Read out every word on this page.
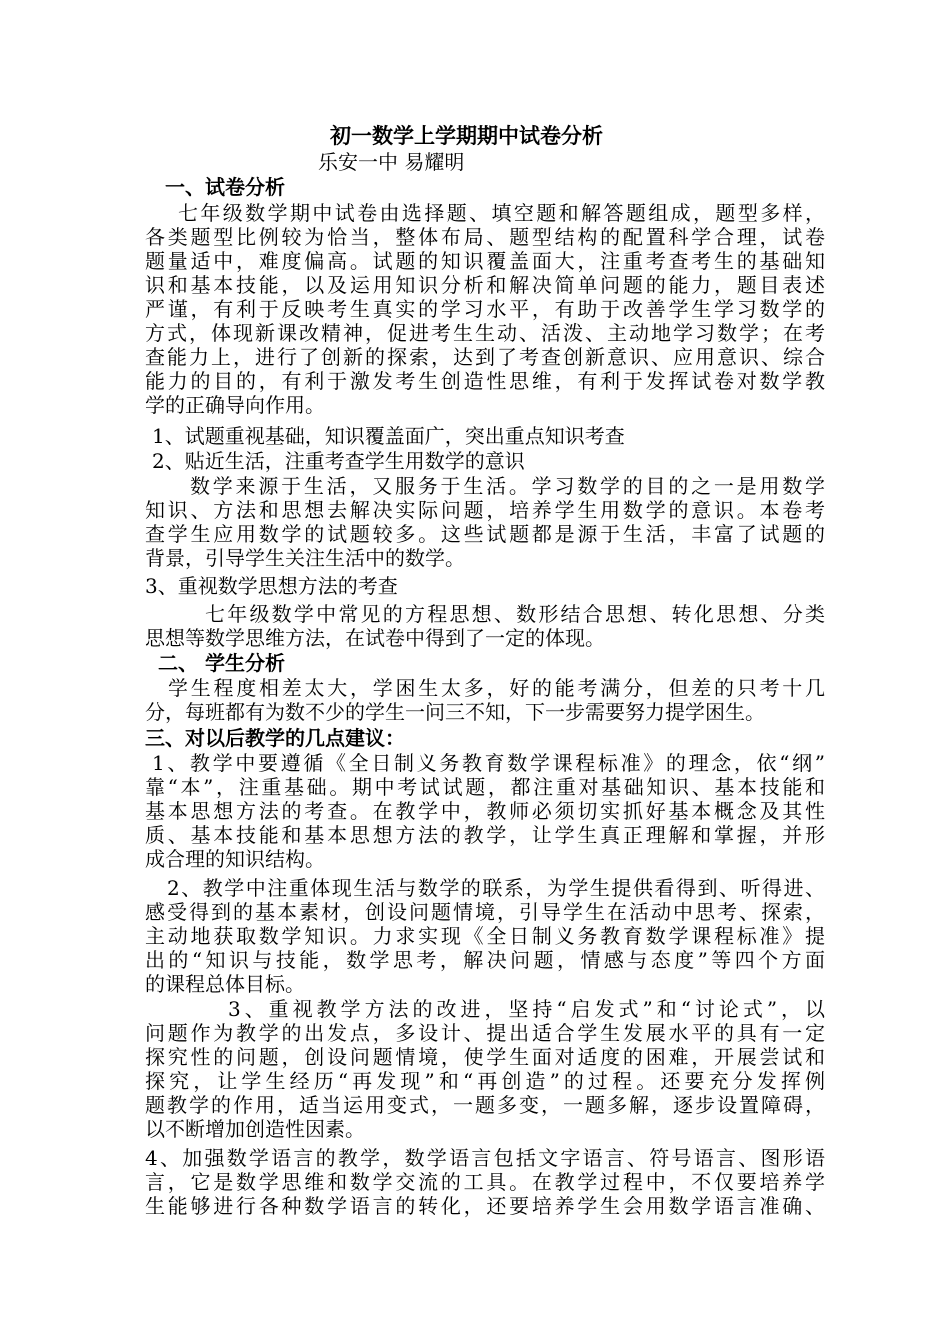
初一数学上学期期中试卷分析
乐安一中 易耀明
一、试卷分析
七年级数学期中试卷由选择题、填空题和解答题组成，题型多样，
各类题型比例较为恰当，整体布局、题型结构的配置科学合理，试卷
题量适中，难度偏高。试题的知识覆盖面大，注重考查考生的基础知
识和基本技能，以及运用知识分析和解决简单问题的能力，题目表述
严谨，有利于反映考生真实的学习水平，有助于改善学生学习数学的
方式，体现新课改精神，促进考生生动、活泼、主动地学习数学；在考
查能力上，进行了创新的探索，达到了考查创新意识、应用意识、综合
能力的目的，有利于激发考生创造性思维，有利于发挥试卷对数学教
学的正确导向作用。
1、试题重视基础，知识覆盖面广，突出重点知识考查
2、贴近生活，注重考查学生用数学的意识
数学来源于生活，又服务于生活。学习数学的目的之一是用数学
知识、方法和思想去解决实际问题，培养学生用数学的意识。本卷考
查学生应用数学的试题较多。这些试题都是源于生活，丰富了试题的
背景，引导学生关注生活中的数学。
3、重视数学思想方法的考查
七年级数学中常见的方程思想、数形结合思想、转化思想、分类
思想等数学思维方法，在试卷中得到了一定的体现。
二、 学生分析
学生程度相差太大，学困生太多，好的能考满分，但差的只考十几
分，每班都有为数不少的学生一问三不知，下一步需要努力提学困生。
三、对以后教学的几点建议：
1、教学中要遵循《全日制义务教育数学课程标准》的理念，依“纲”
靠“本”，注重基础。期中考试试题，都注重对基础知识、基本技能和
基本思想方法的考查。在教学中，教师必须切实抓好基本概念及其性
质、基本技能和基本思想方法的教学，让学生真正理解和掌握，并形
成合理的知识结构。
2、教学中注重体现生活与数学的联系，为学生提供看得到、听得进、
感受得到的基本素材，创设问题情境，引导学生在活动中思考、探索，
主动地获取数学知识。力求实现《全日制义务教育数学课程标准》提
出的“知识与技能，数学思考，解决问题，情感与态度”等四个方面
的课程总体目标。
3、重视教学方法的改进，坚持“启发式”和“讨论式”，以
问题作为教学的出发点，多设计、提出适合学生发展水平的具有一定
探究性的问题，创设问题情境，使学生面对适度的困难，开展尝试和
探究，让学生经历“再发现”和“再创造”的过程。还要充分发挥例
题教学的作用，适当运用变式，一题多变，一题多解，逐步设置障碍，
以不断增加创造性因素。
4、加强数学语言的教学，数学语言包括文字语言、符号语言、图形语
言，它是数学思维和数学交流的工具。在教学过程中，不仅要培养学
生能够进行各种数学语言的转化，还要培养学生会用数学语言准确、
